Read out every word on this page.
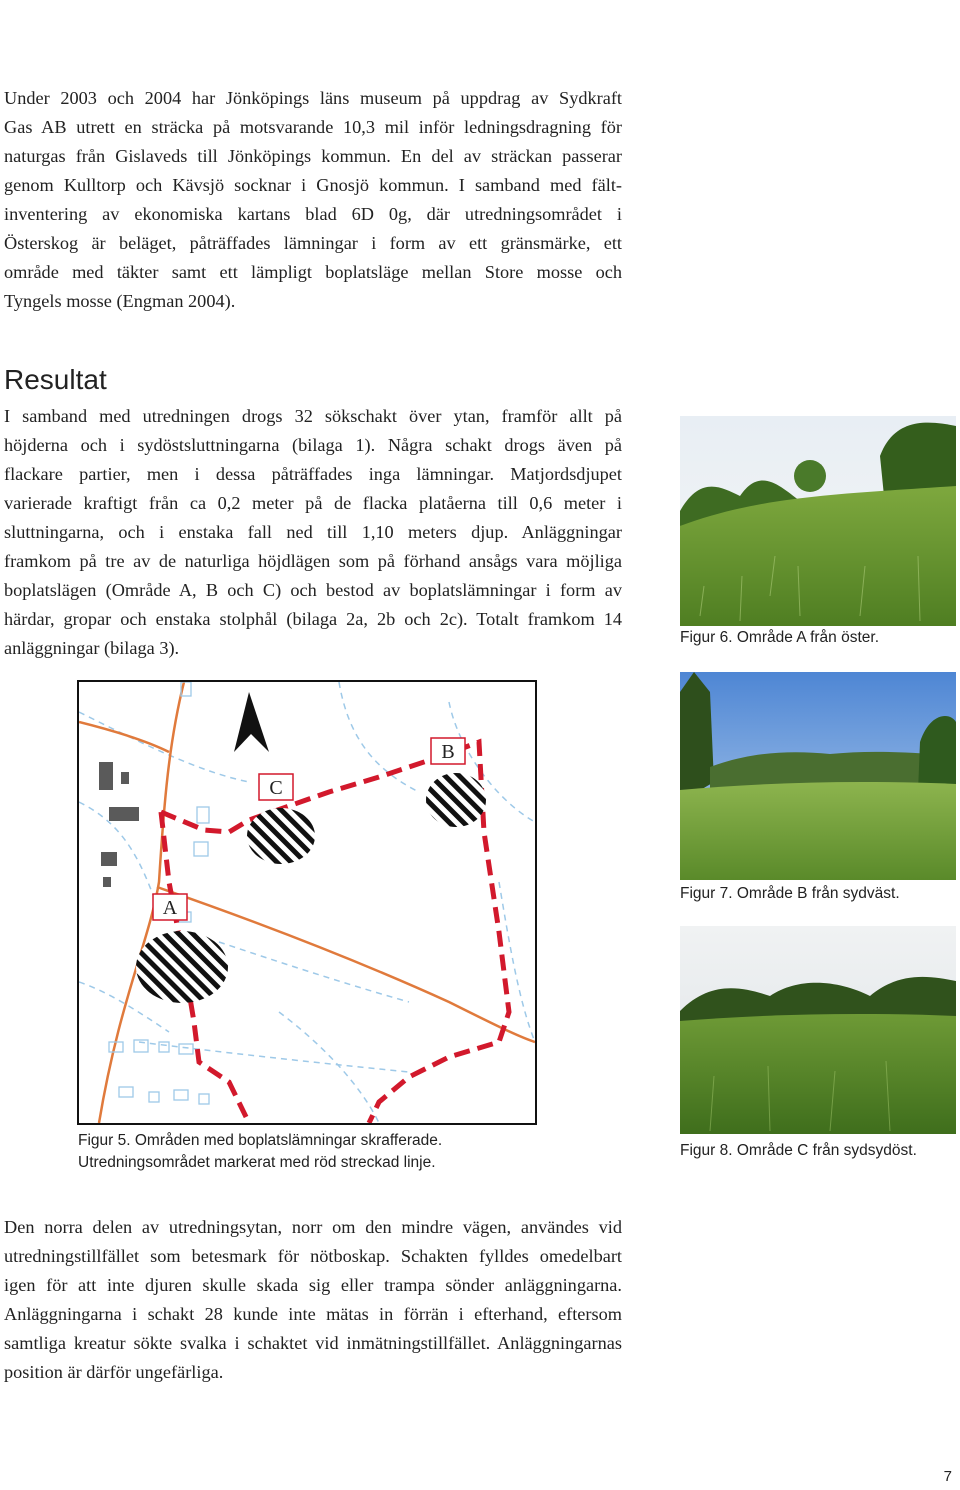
Under 2003 och 2004 har Jönköpings läns museum på uppdrag av Sydkraft
Gas AB utrett en sträcka på motsvarande 10,3 mil inför ledningsdragning för
naturgas från Gislaveds till Jönköpings kommun. En del av sträckan passerar
genom Kulltorp och Kävsjö socknar i Gnosjö kommun. I samband med fält-
inventering av ekonomiska kartans blad 6D 0g, där utredningsområdet i
Österskog är beläget, påträffades lämningar i form av ett gränsmärke, ett
område med täkter samt ett lämpligt boplatsläge mellan Store mosse och
Tyngels mosse (Engman 2004).
Resultat
I samband med utredningen drogs 32 sökschakt över ytan, framför allt på
höjderna och i sydöstsluttningarna (bilaga 1). Några schakt drogs även på
flackare partier, men i dessa påträffades inga lämningar. Matjordsdjupet
varierade kraftigt från ca 0,2 meter på de flacka platåerna till 0,6 meter i
sluttningarna, och i enstaka fall ned till 1,10 meters djup. Anläggningar
framkom på tre av de naturliga höjdlägen som på förhand ansågs vara möjliga
boplatslägen (Område A, B och C) och bestod av boplatslämningar i form av
härdar, gropar och enstaka stolphål (bilaga 2a, 2b och 2c). Totalt framkom 14
anläggningar (bilaga 3).
Figur 6. Område A från öster.
Figur 7. Område B från sydväst.
Figur 8. Område C från sydsydöst.
A
B
C
Figur 5. Områden med boplatslämningar skrafferade.
Utredningsområdet markerat med röd streckad linje.
Den norra delen av utredningsytan, norr om den mindre vägen, användes vid
utredningstillfället som betesmark för nötboskap. Schakten fylldes omedelbart
igen för att inte djuren skulle skada sig eller trampa sönder anläggningarna.
Anläggningarna i schakt 28 kunde inte mätas in förrän i efterhand, eftersom
samtliga kreatur sökte svalka i schaktet vid inmätningstillfället. Anläggningarnas
position är därför ungefärliga.
7
